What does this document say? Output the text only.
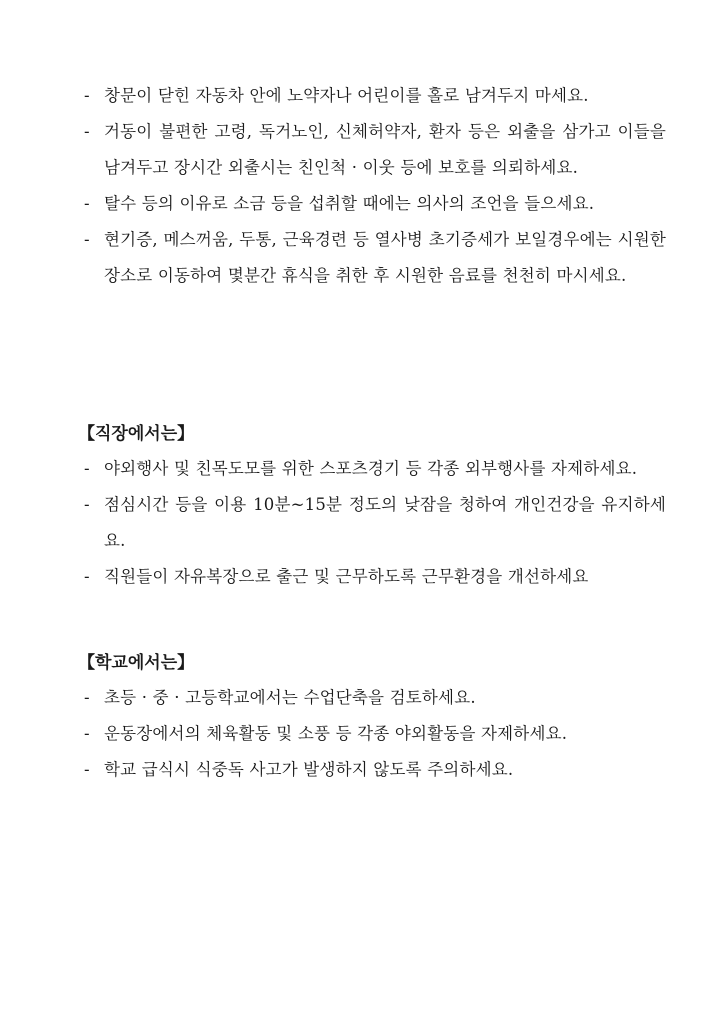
- 창문이 닫힌 자동차 안에 노약자나 어린이를 홀로 남겨두지 마세요.
- 거동이 불편한 고령, 독거노인, 신체허약자, 환자 등은 외출을 삼가고 이들을 남겨두고 장시간 외출시는 친인척 · 이웃 등에 보호를 의뢰하세요.
- 탈수 등의 이유로 소금 등을 섭취할 때에는 의사의 조언을 들으세요.
- 현기증, 메스꺼움, 두통, 근육경련 등 열사병 초기증세가 보일경우에는 시원한 장소로 이동하여 몇분간 휴식을 취한 후 시원한 음료를 천천히 마시세요.
【직장에서는】
- 야외행사 및 친목도모를 위한 스포츠경기 등 각종 외부행사를 자제하세요.
- 점심시간 등을 이용 10분~15분 정도의 낮잠을 청하여 개인건강을 유지하세요.
- 직원들이 자유복장으로 출근 및 근무하도록 근무환경을 개선하세요
【학교에서는】
- 초등 · 중 · 고등학교에서는 수업단축을 검토하세요.
- 운동장에서의 체육활동 및 소풍 등 각종 야외활동을 자제하세요.
- 학교 급식시 식중독 사고가 발생하지 않도록 주의하세요.
